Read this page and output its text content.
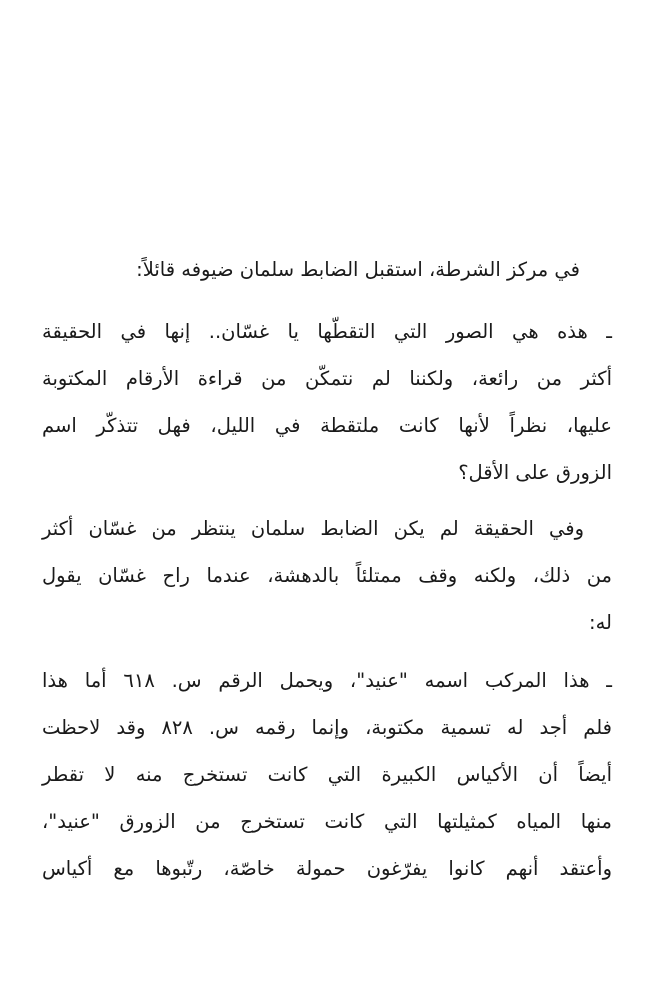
في مركز الشرطة، استقبل الضابط سلمان ضيوفه قائلاً:
ـ هذه هي الصور التي التقطّها يا غسّان.. إنها في الحقيقة
أكثر من رائعة، ولكننا لم نتمكّن من قراءة الأرقام المكتوبة
عليها، نظراً لأنها كانت ملتقطة في الليل، فهل تتذكّر اسم
الزورق على الأقل؟
وفي الحقيقة لم يكن الضابط سلمان ينتظر من غسّان أكثر
من ذلك، ولكنه وقف ممتلئاً بالدهشة، عندما راح غسّان يقول
له:
ـ هذا المركب اسمه "عنيد"، ويحمل الرقم س. ٦١٨ أما هذا
فلم أجد له تسمية مكتوبة، وإنما رقمه س. ٨٢٨ وقد لاحظت
أيضاً أن الأكياس الكبيرة التي كانت تستخرج منه لا تقطر
منها المياه كمثيلتها التي كانت تستخرج من الزورق "عنيد"،
وأعتقد أنهم كانوا يفرّغون حمولة خاصّة، رتّبوها مع أكياس
